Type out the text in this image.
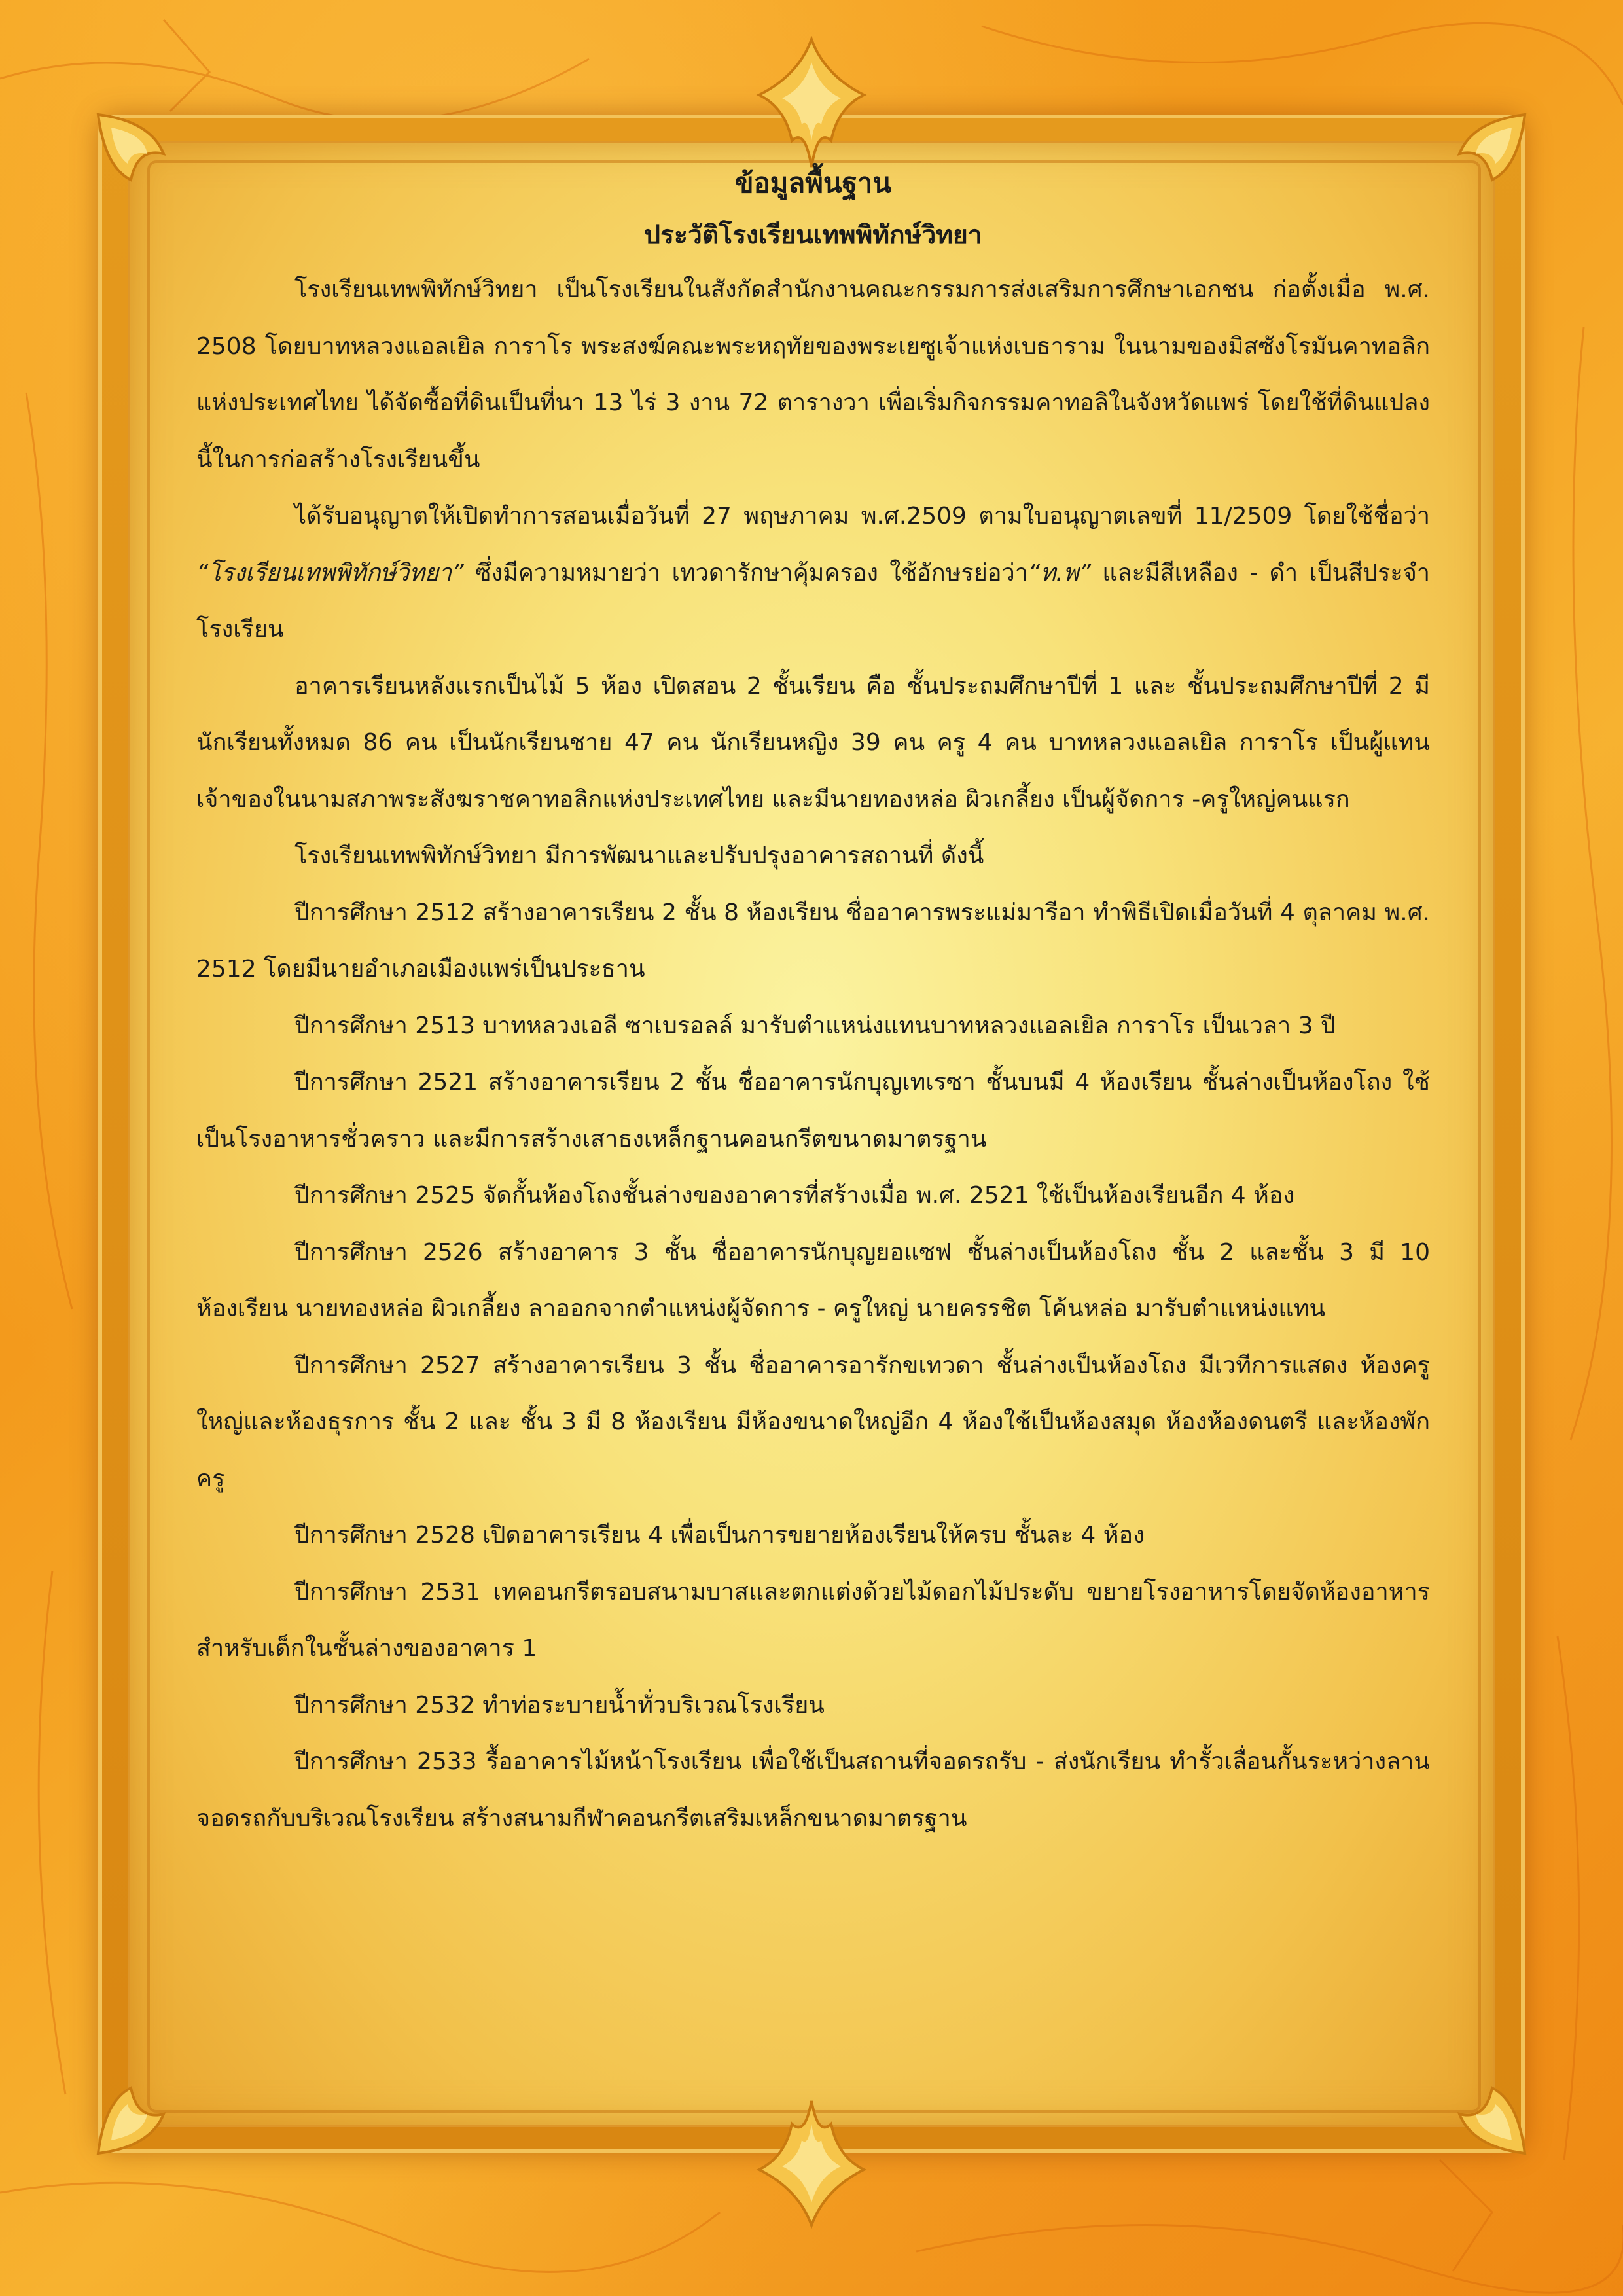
ข้อมูลพื้นฐาน
ประวัติโรงเรียนเทพพิทักษ์วิทยา

โรงเรียนเทพพิทักษ์วิทยา เป็นโรงเรียนในสังกัดสำนักงานคณะกรรมการส่งเสริมการศึกษาเอกชน ก่อตั้งเมื่อ พ.ศ. 2508 โดยบาทหลวงแอลเยิล การาโร พระสงฆ์คณะพระหฤทัยของพระเยซูเจ้าแห่งเบธาราม ในนามของมิสซังโรมันคาทอลิกแห่งประเทศไทย ได้จัดซื้อที่ดินเป็นที่นา 13 ไร่ 3 งาน 72 ตารางวา เพื่อเริ่มกิจกรรมคาทอลิในจังหวัดแพร่ โดยใช้ที่ดินแปลงนี้ในการก่อสร้างโรงเรียนขึ้น

ได้รับอนุญาตให้เปิดทำการสอนเมื่อวันที่ 27 พฤษภาคม พ.ศ.2509 ตามใบอนุญาตเลขที่ 11/2509 โดยใช้ชื่อว่า “โรงเรียนเทพพิทักษ์วิทยา” ซึ่งมีความหมายว่า เทวดารักษาคุ้มครอง ใช้อักษรย่อว่า“ท.พ” และมีสีเหลือง - ดำ เป็นสีประจำโรงเรียน

อาคารเรียนหลังแรกเป็นไม้ 5 ห้อง เปิดสอน 2 ชั้นเรียน คือ ชั้นประถมศึกษาปีที่ 1 และ ชั้นประถมศึกษาปีที่ 2 มีนักเรียนทั้งหมด 86 คน เป็นนักเรียนชาย 47 คน นักเรียนหญิง 39 คน ครู 4 คน บาทหลวงแอลเยิล การาโร เป็นผู้แทนเจ้าของในนามสภาพระสังฆราชคาทอลิกแห่งประเทศไทย และมีนายทองหล่อ ผิวเกลี้ยง เป็นผู้จัดการ -ครูใหญ่คนแรก

โรงเรียนเทพพิทักษ์วิทยา มีการพัฒนาและปรับปรุงอาคารสถานที่ ดังนี้

ปีการศึกษา 2512 สร้างอาคารเรียน 2 ชั้น 8 ห้องเรียน ชื่ออาคารพระแม่มารีอา ทำพิธีเปิดเมื่อวันที่ 4 ตุลาคม พ.ศ. 2512 โดยมีนายอำเภอเมืองแพร่เป็นประธาน

ปีการศึกษา 2513 บาทหลวงเอลี ซาเบรอลล์ มารับตำแหน่งแทนบาทหลวงแอลเยิล การาโร เป็นเวลา 3 ปี

ปีการศึกษา 2521 สร้างอาคารเรียน 2 ชั้น ชื่ออาคารนักบุญเทเรซา ชั้นบนมี 4 ห้องเรียน ชั้นล่างเป็นห้องโถง ใช้เป็นโรงอาหารชั่วคราว และมีการสร้างเสาธงเหล็กฐานคอนกรีตขนาดมาตรฐาน

ปีการศึกษา 2525 จัดกั้นห้องโถงชั้นล่างของอาคารที่สร้างเมื่อ พ.ศ. 2521 ใช้เป็นห้องเรียนอีก 4 ห้อง

ปีการศึกษา 2526 สร้างอาคาร 3 ชั้น ชื่ออาคารนักบุญยอแซฟ ชั้นล่างเป็นห้องโถง ชั้น 2 และชั้น 3 มี 10 ห้องเรียน นายทองหล่อ ผิวเกลี้ยง ลาออกจากตำแหน่งผู้จัดการ - ครูใหญ่ นายครรชิต โค้นหล่อ มารับตำแหน่งแทน

ปีการศึกษา 2527 สร้างอาคารเรียน 3 ชั้น ชื่ออาคารอารักขเทวดา ชั้นล่างเป็นห้องโถง มีเวทีการแสดง ห้องครูใหญ่และห้องธุรการ ชั้น 2 และ ชั้น 3 มี 8 ห้องเรียน มีห้องขนาดใหญ่อีก 4 ห้องใช้เป็นห้องสมุด ห้องห้องดนตรี และห้องพักครู

ปีการศึกษา 2528 เปิดอาคารเรียน 4 เพื่อเป็นการขยายห้องเรียนให้ครบ ชั้นละ 4 ห้อง

ปีการศึกษา 2531 เทคอนกรีตรอบสนามบาสและตกแต่งด้วยไม้ดอกไม้ประดับ ขยายโรงอาหารโดยจัดห้องอาหารสำหรับเด็กในชั้นล่างของอาคาร 1

ปีการศึกษา 2532 ทำท่อระบายน้ำทั่วบริเวณโรงเรียน

ปีการศึกษา 2533 รื้ออาคารไม้หน้าโรงเรียน เพื่อใช้เป็นสถานที่จอดรถรับ - ส่งนักเรียน ทำรั้วเลื่อนกั้นระหว่างลานจอดรถกับบริเวณโรงเรียน สร้างสนามกีฬาคอนกรีตเสริมเหล็กขนาดมาตรฐาน
